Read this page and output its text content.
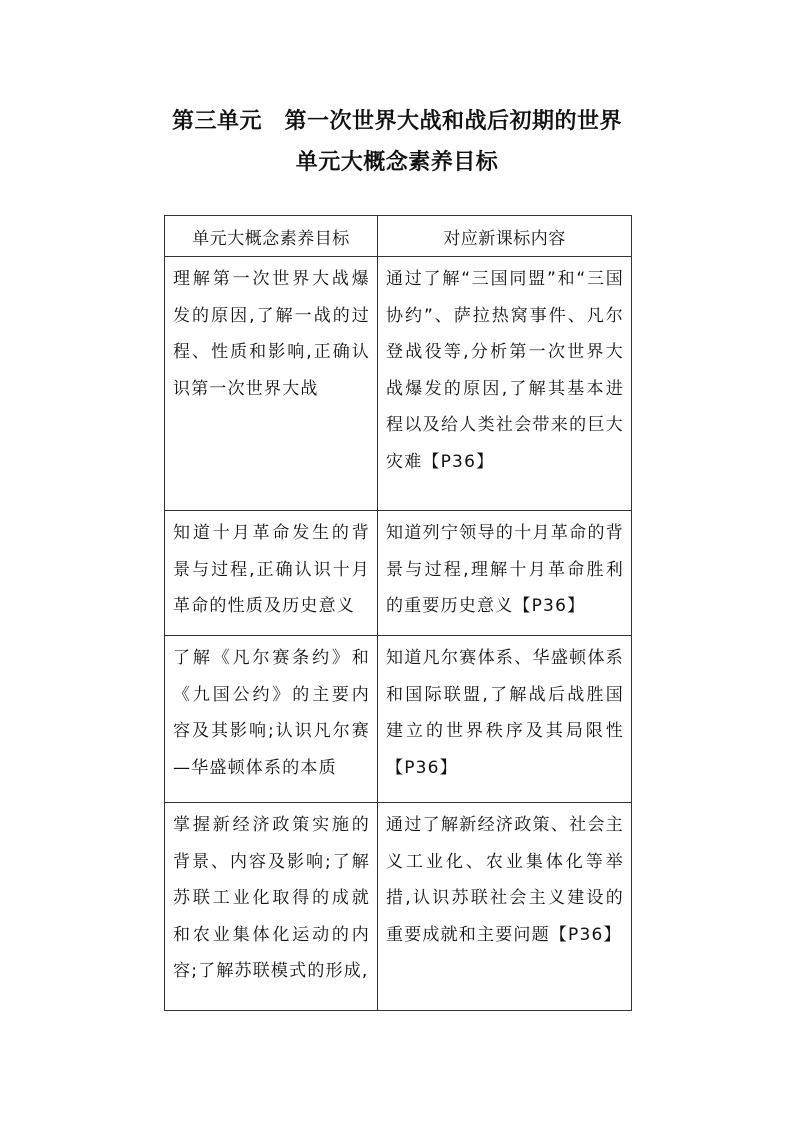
第三单元　第一次世界大战和战后初期的世界
单元大概念素养目标
单元大概念素养目标	对应新课标内容
理解第一次世界大战爆发的原因,了解一战的过程、性质和影响,正确认识第一次世界大战	通过了解“三国同盟”和“三国协约”、萨拉热窝事件、凡尔登战役等,分析第一次世界大战爆发的原因,了解其基本进程以及给人类社会带来的巨大灾难【P36】
知道十月革命发生的背景与过程,正确认识十月革命的性质及历史意义	知道列宁领导的十月革命的背景与过程,理解十月革命胜利的重要历史意义【P36】
了解《凡尔赛条约》和《九国公约》的主要内容及其影响;认识凡尔赛—华盛顿体系的本质	知道凡尔赛体系、华盛顿体系和国际联盟,了解战后战胜国建立的世界秩序及其局限性【P36】
掌握新经济政策实施的背景、内容及影响;了解苏联工业化取得的成就和农业集体化运动的内容;了解苏联模式的形成,	通过了解新经济政策、社会主义工业化、农业集体化等举措,认识苏联社会主义建设的重要成就和主要问题【P36】
